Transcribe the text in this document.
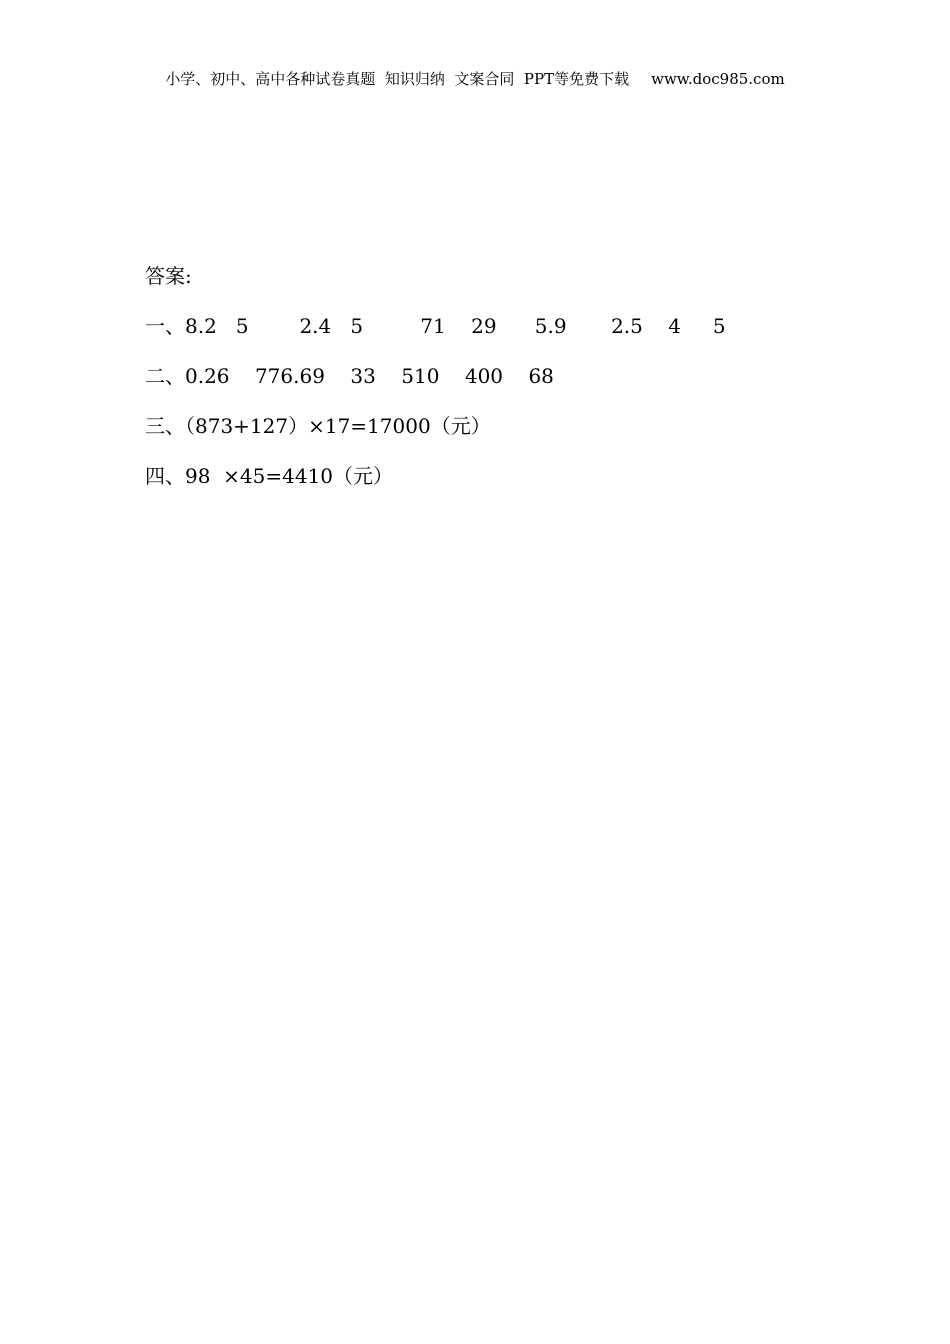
小学、初中、高中各种试卷真题  知识归纳  文案合同  PPT等免费下载 www.doc985.com
答案:
一、8.2   5        2.4   5         71    29      5.9       2.5    4     5
二、0.26    776.69    33    510    400    68
三、（873+127）×17=17000（元）
四、98  ×45=4410（元）
